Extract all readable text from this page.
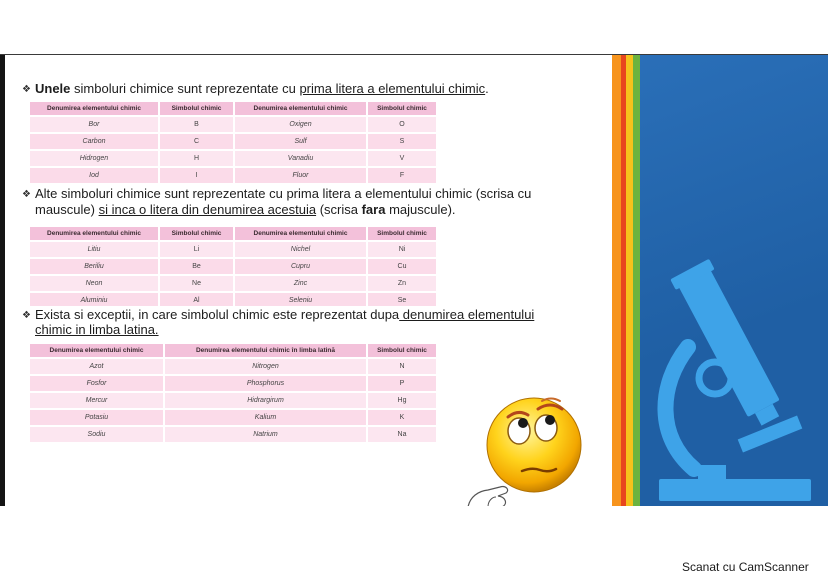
❖ Unele simboluri chimice sunt reprezentate cu prima litera a elementului chimic.
Denumirea elementului chimic	Simbolul chimic	Denumirea elementului chimic	Simbolul chimic
Bor	B	Oxigen	O
Carbon	C	Sulf	S
Hidrogen	H	Vanadiu	V
Iod	I	Fluor	F
❖ Alte simboluri chimice sunt reprezentate cu prima litera a elementului chimic (scrisa cu
mauscule) si inca o litera din denumirea acestuia (scrisa fara majuscule).
Denumirea elementului chimic	Simbolul chimic	Denumirea elementului chimic	Simbolul chimic
Litiu	Li	Nichel	Ni
Beriliu	Be	Cupru	Cu
Neon	Ne	Zinc	Zn
Aluminiu	Al	Seleniu	Se
❖ Exista si exceptii, in care simbolul chimic este reprezentat dupa denumirea elementului
chimic in limba latina.
Denumirea elementului chimic	Denumirea elementului chimic în limba latină	Simbolul chimic
Azot	Nitrogen	N
Fosfor	Phosphorus	P
Mercur	Hidrargirum	Hg
Potasiu	Kalium	K
Sodiu	Natrium	Na
Scanat cu CamScanner
